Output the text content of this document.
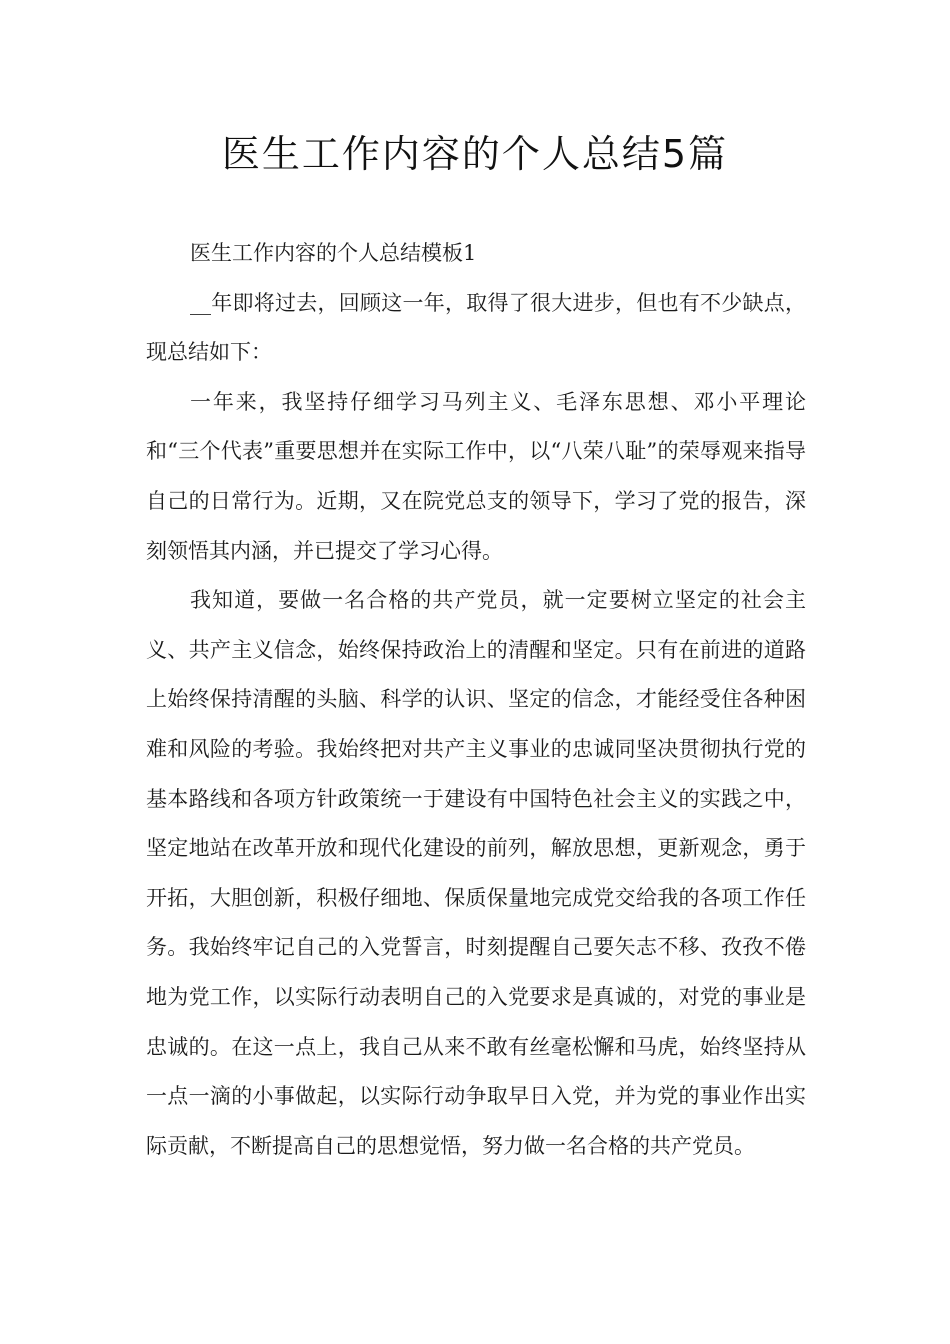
医生工作内容的个人总结5篇

医生工作内容的个人总结模板1

__年即将过去，回顾这一年，取得了很大进步，但也有不少缺点，现总结如下：

一年来，我坚持仔细学习马列主义、毛泽东思想、邓小平理论和“三个代表”重要思想并在实际工作中，以“八荣八耻”的荣辱观来指导自己的日常行为。近期，又在院党总支的领导下，学习了党的报告，深刻领悟其内涵，并已提交了学习心得。

我知道，要做一名合格的共产党员，就一定要树立坚定的社会主义、共产主义信念，始终保持政治上的清醒和坚定。只有在前进的道路上始终保持清醒的头脑、科学的认识、坚定的信念，才能经受住各种困难和风险的考验。我始终把对共产主义事业的忠诚同坚决贯彻执行党的基本路线和各项方针政策统一于建设有中国特色社会主义的实践之中，坚定地站在改革开放和现代化建设的前列，解放思想，更新观念，勇于开拓，大胆创新，积极仔细地、保质保量地完成党交给我的各项工作任务。我始终牢记自己的入党誓言，时刻提醒自己要矢志不移、孜孜不倦地为党工作，以实际行动表明自己的入党要求是真诚的，对党的事业是忠诚的。在这一点上，我自己从来不敢有丝毫松懈和马虎，始终坚持从一点一滴的小事做起，以实际行动争取早日入党，并为党的事业作出实际贡献，不断提高自己的思想觉悟，努力做一名合格的共产党员。
